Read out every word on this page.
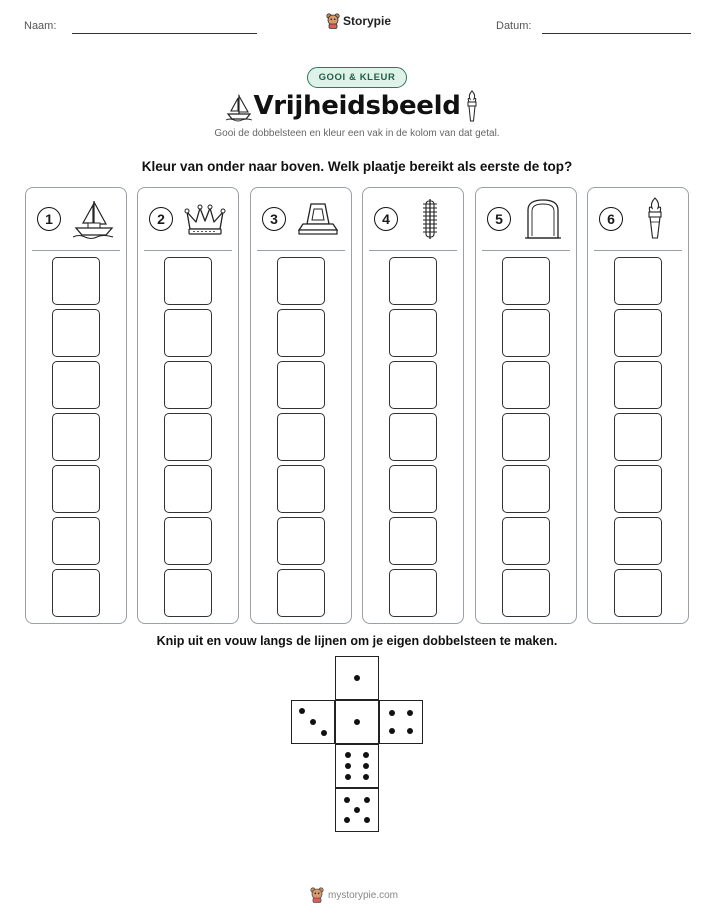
Naam:	Storypie	Datum:
GOOI & KLEUR
Vrijheidsbeeld
Gooi de dobbelsteen en kleur een vak in de kolom van dat getal.
Kleur van onder naar boven. Welk plaatje bereikt als eerste de top?
1	2	3	4	5	6
Knip uit en vouw langs de lijnen om je eigen dobbelsteen te maken.
mystorypie.com
